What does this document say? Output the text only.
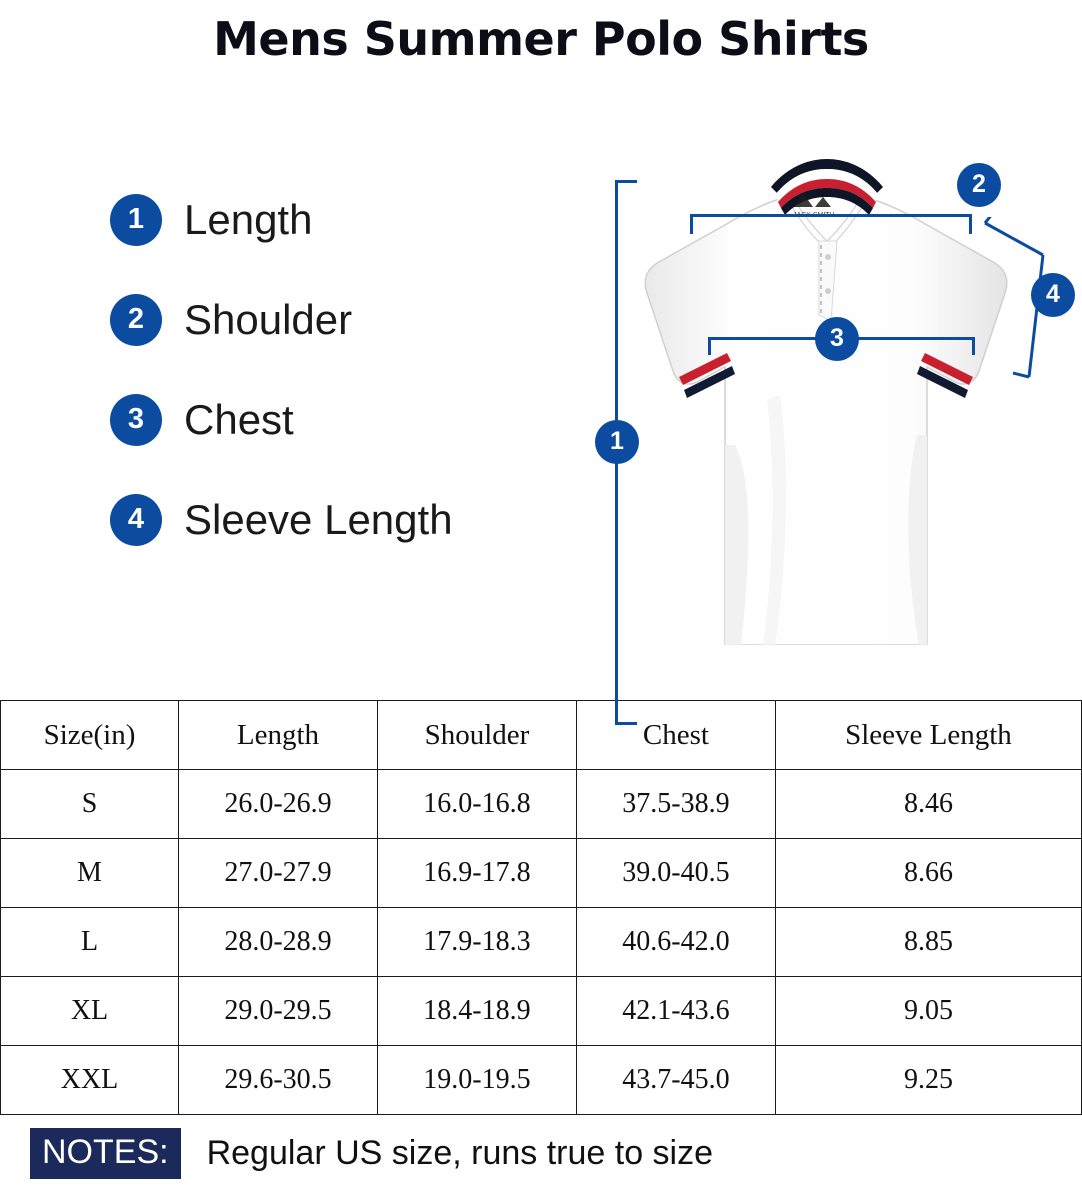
Mens Summer Polo Shirts
1 Length
2 Shoulder
3 Chest
4 Sleeve Length
1
2
3
4
Size(in)	Length	Shoulder	Chest	Sleeve Length
S	26.0-26.9	16.0-16.8	37.5-38.9	8.46
M	27.0-27.9	16.9-17.8	39.0-40.5	8.66
L	28.0-28.9	17.9-18.3	40.6-42.0	8.85
XL	29.0-29.5	18.4-18.9	42.1-43.6	9.05
XXL	29.6-30.5	19.0-19.5	43.7-45.0	9.25
NOTES:	Regular US size, runs true to size
